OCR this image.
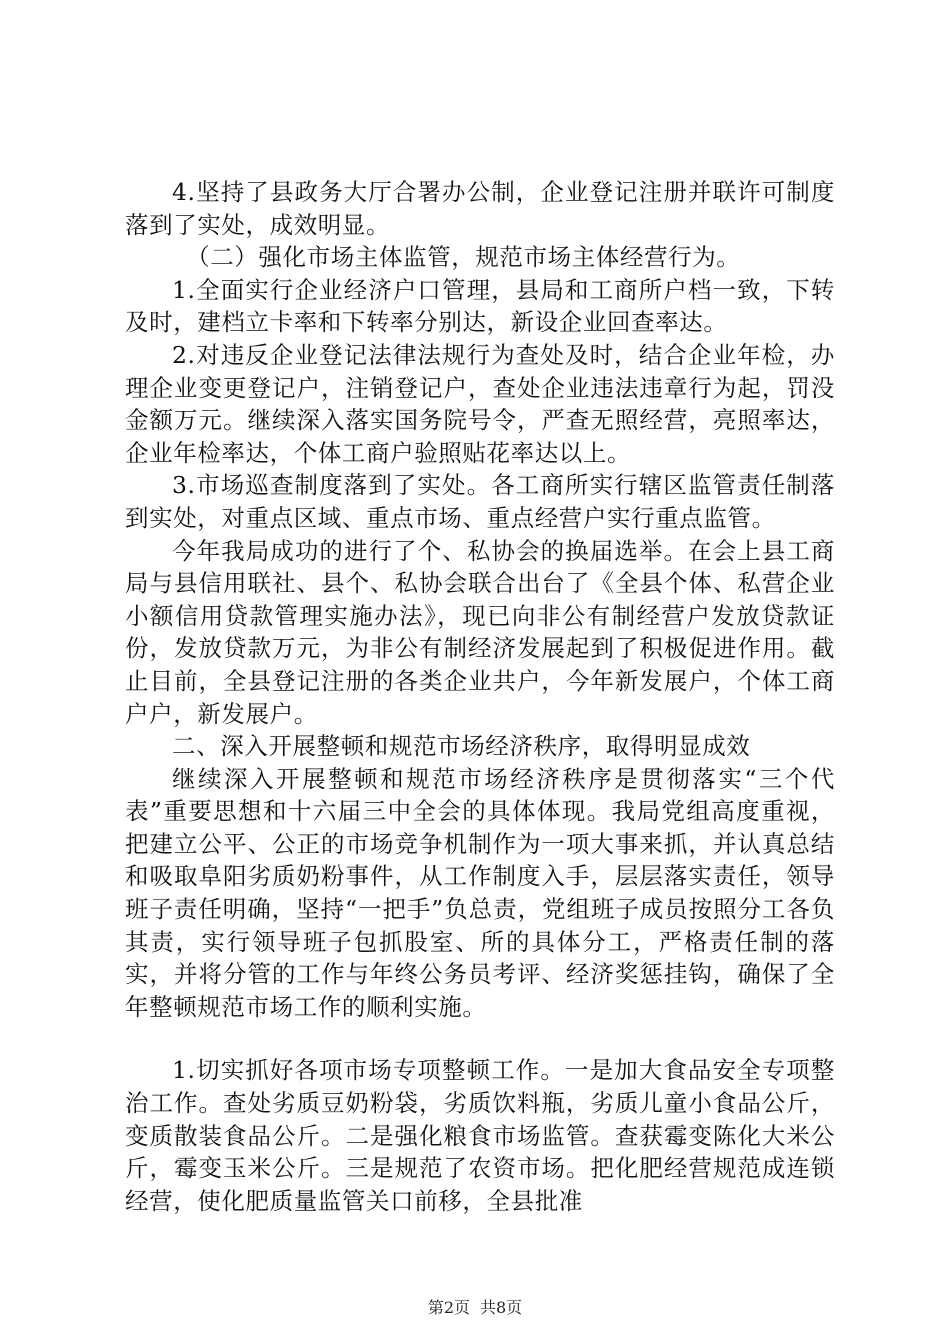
4.坚持了县政务大厅合署办公制，企业登记注册并联许可制度落到了实处，成效明显。

（二）强化市场主体监管，规范市场主体经营行为。

1.全面实行企业经济户口管理，县局和工商所户档一致，下转及时，建档立卡率和下转率分别达，新设企业回查率达。

2.对违反企业登记法律法规行为查处及时，结合企业年检，办理企业变更登记户，注销登记户，查处企业违法违章行为起，罚没金额万元。继续深入落实国务院号令，严查无照经营，亮照率达，企业年检率达，个体工商户验照贴花率达以上。

3.市场巡查制度落到了实处。各工商所实行辖区监管责任制落到实处，对重点区域、重点市场、重点经营户实行重点监管。

今年我局成功的进行了个、私协会的换届选举。在会上县工商局与县信用联社、县个、私协会联合出台了《全县个体、私营企业小额信用贷款管理实施办法》，现已向非公有制经营户发放贷款证份，发放贷款万元，为非公有制经济发展起到了积极促进作用。截止目前，全县登记注册的各类企业共户，今年新发展户，个体工商户户，新发展户。

二、深入开展整顿和规范市场经济秩序，取得明显成效

继续深入开展整顿和规范市场经济秩序是贯彻落实“三个代表”重要思想和十六届三中全会的具体体现。我局党组高度重视，把建立公平、公正的市场竞争机制作为一项大事来抓，并认真总结和吸取阜阳劣质奶粉事件，从工作制度入手，层层落实责任，领导班子责任明确，坚持“一把手”负总责，党组班子成员按照分工各负其责，实行领导班子包抓股室、所的具体分工，严格责任制的落实，并将分管的工作与年终公务员考评、经济奖惩挂钩，确保了全年整顿规范市场工作的顺利实施。

1.切实抓好各项市场专项整顿工作。一是加大食品安全专项整治工作。查处劣质豆奶粉袋，劣质饮料瓶，劣质儿童小食品公斤，变质散装食品公斤。二是强化粮食市场监管。查获霉变陈化大米公斤，霉变玉米公斤。三是规范了农资市场。把化肥经营规范成连锁经营，使化肥质量监管关口前移，全县批准

第2页 共8页
